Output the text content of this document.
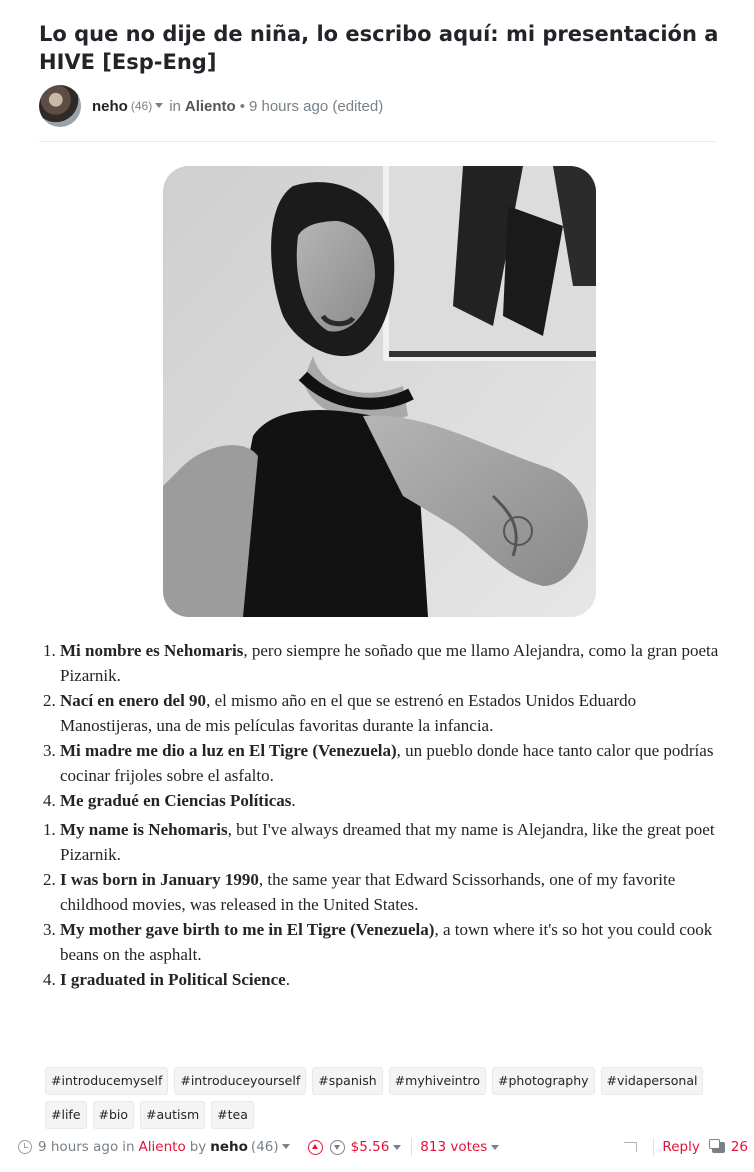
Lo que no dije de niña, lo escribo aquí: mi presentación a HIVE [Esp-Eng]
neho (46) in Aliento • 9 hours ago (edited)
1. Mi nombre es Nehomaris, pero siempre he soñado que me llamo Alejandra, como la gran poeta Pizarnik.
2. Nací en enero del 90, el mismo año en el que se estrenó en Estados Unidos Eduardo Manostijeras, una de mis películas favoritas durante la infancia.
3. Mi madre me dio a luz en El Tigre (Venezuela), un pueblo donde hace tanto calor que podrías cocinar frijoles sobre el asfalto.
4. Me gradué en Ciencias Políticas.
1. My name is Nehomaris, but I've always dreamed that my name is Alejandra, like the great poet Pizarnik.
2. I was born in January 1990, the same year that Edward Scissorhands, one of my favorite childhood movies, was released in the United States.
3. My mother gave birth to me in El Tigre (Venezuela), a town where it's so hot you could cook beans on the asphalt.
4. I graduated in Political Science.
#introducemyself	#introduceyourself	#spanish	#myhiveintro	#photography	#vidapersonal
#life	#bio	#autism	#tea
9 hours ago in Aliento by neho (46)	$5.56 813 votes	Reply 26
